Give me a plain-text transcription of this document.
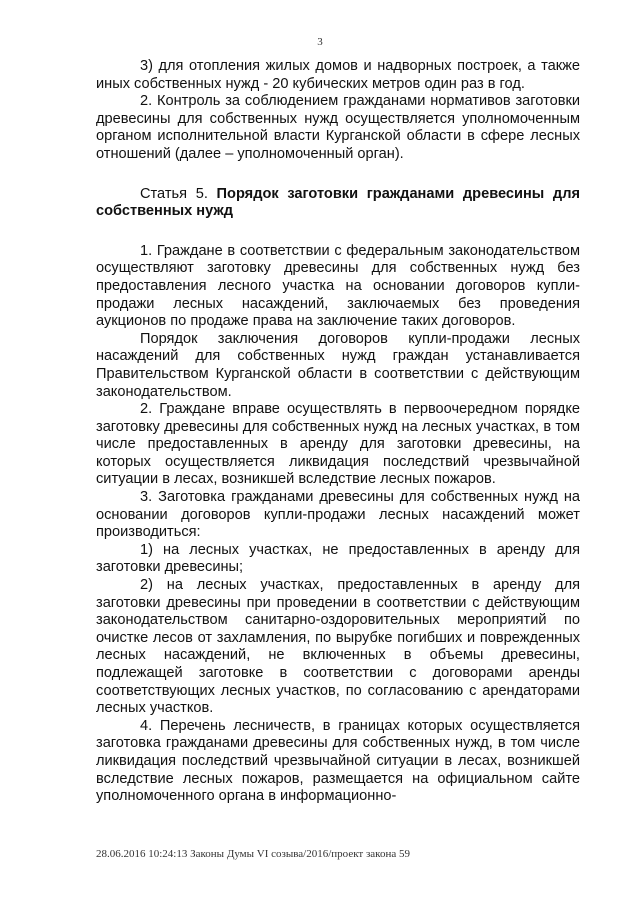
3

3) для отопления жилых домов и надворных построек, а также иных собственных нужд - 20 кубических метров один раз в год.

2. Контроль за соблюдением гражданами нормативов заготовки древесины для собственных нужд осуществляется уполномоченным органом исполнительной власти Курганской области в сфере лесных отношений (далее – уполномоченный орган).

Статья 5. Порядок заготовки гражданами древесины для собственных нужд

1. Граждане в соответствии с федеральным законодательством осуществляют заготовку древесины для собственных нужд без предоставления лесного участка на основании договоров купли-продажи лесных насаждений, заключаемых без проведения аукционов по продаже права на заключение таких договоров.

Порядок заключения договоров купли-продажи лесных насаждений для собственных нужд граждан устанавливается Правительством Курганской области в соответствии с действующим законодательством.

2. Граждане вправе осуществлять в первоочередном порядке заготовку древесины для собственных нужд на лесных участках, в том числе предоставленных в аренду для заготовки древесины, на которых осуществляется ликвидация последствий чрезвычайной ситуации в лесах, возникшей вследствие лесных пожаров.

3. Заготовка гражданами древесины для собственных нужд на основании договоров купли-продажи лесных насаждений может производиться:

1) на лесных участках, не предоставленных в аренду для заготовки древесины;

2) на лесных участках, предоставленных в аренду для заготовки древесины при проведении в соответствии с действующим законодательством санитарно-оздоровительных мероприятий по очистке лесов от захламления, по вырубке погибших и поврежденных лесных насаждений, не включенных в объемы древесины, подлежащей заготовке в соответствии с договорами аренды соответствующих лесных участков, по согласованию с арендаторами лесных участков.

4. Перечень лесничеств, в границах которых осуществляется заготовка гражданами древесины для собственных нужд, в том числе ликвидация последствий чрезвычайной ситуации в лесах, возникшей вследствие лесных пожаров, размещается на официальном сайте уполномоченного органа в информационно-

28.06.2016 10:24:13 Законы Думы VI созыва/2016/проект закона 59
